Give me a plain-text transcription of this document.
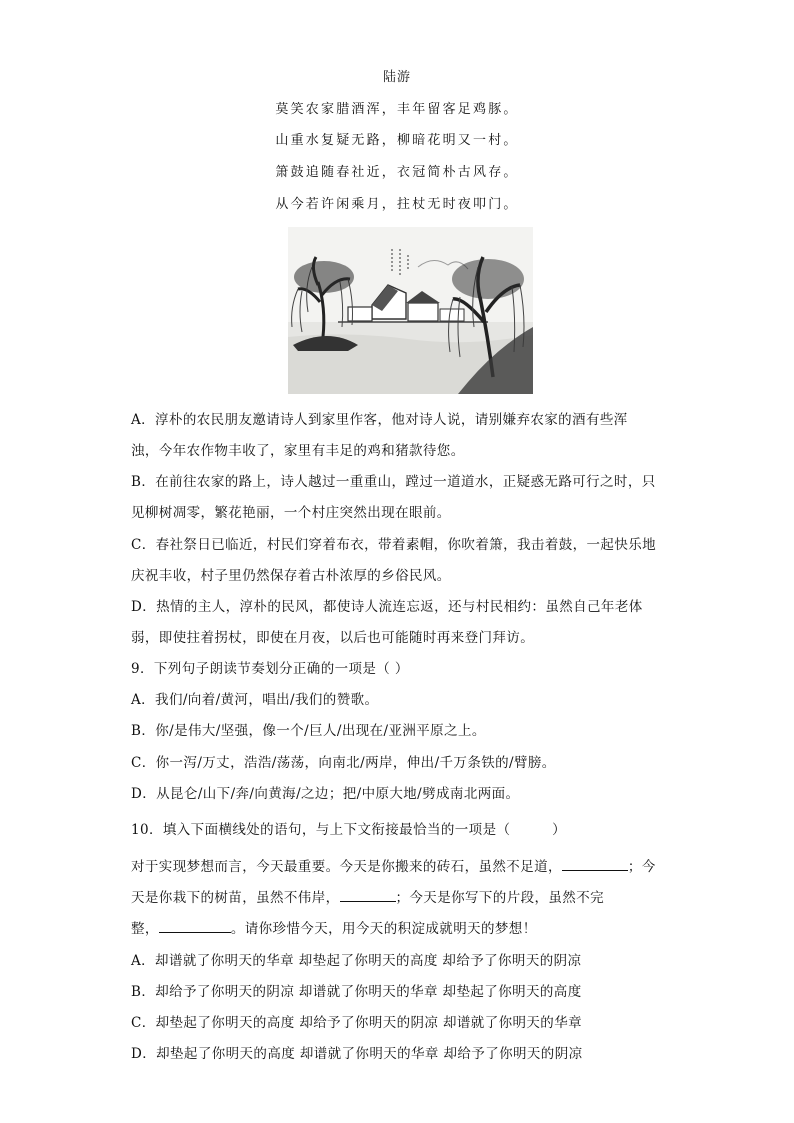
陆游
莫笑农家腊酒浑，丰年留客足鸡豚。
山重水复疑无路，柳暗花明又一村。
箫鼓追随春社近，衣冠简朴古风存。
从今若许闲乘月，拄杖无时夜叩门。
A．淳朴的农民朋友邀请诗人到家里作客，他对诗人说，请别嫌弃农家的酒有些浑
浊，今年农作物丰收了，家里有丰足的鸡和猪款待您。
B．在前往农家的路上，诗人越过一重重山，蹚过一道道水，正疑惑无路可行之时，只
见柳树凋零，繁花艳丽，一个村庄突然出现在眼前。
C．春社祭日已临近，村民们穿着布衣，带着素帽，你吹着箫，我击着鼓，一起快乐地
庆祝丰收，村子里仍然保存着古朴浓厚的乡俗民风。
D．热情的主人，淳朴的民风，都使诗人流连忘返，还与村民相约：虽然自己年老体
弱，即使拄着拐杖，即使在月夜，以后也可能随时再来登门拜访。
9．下列句子朗读节奏划分正确的一项是（ ）
A．我们/向着/黄河，唱出/我们的赞歌。
B．你/是伟大/坚强，像一个/巨人/出现在/亚洲平原之上。
C．你一泻/万丈，浩浩/荡荡，向南北/两岸，伸出/千万条铁的/臂膀。
D．从昆仑/山下/奔/向黄海/之边；把/中原大地/劈成南北两面。
10．填入下面横线处的语句，与上下文衔接最恰当的一项是（　　　）
对于实现梦想而言，今天最重要。今天是你搬来的砖石，虽然不足道，	；今
天是你栽下的树苗，虽然不伟岸，	；今天是你写下的片段，虽然不完
整，	。请你珍惜今天，用今天的积淀成就明天的梦想！
A．却谱就了你明天的华章 却垫起了你明天的高度 却给予了你明天的阴凉
B．却给予了你明天的阴凉 却谱就了你明天的华章 却垫起了你明天的高度
C．却垫起了你明天的高度 却给予了你明天的阴凉 却谱就了你明天的华章
D．却垫起了你明天的高度 却谱就了你明天的华章 却给予了你明天的阴凉
